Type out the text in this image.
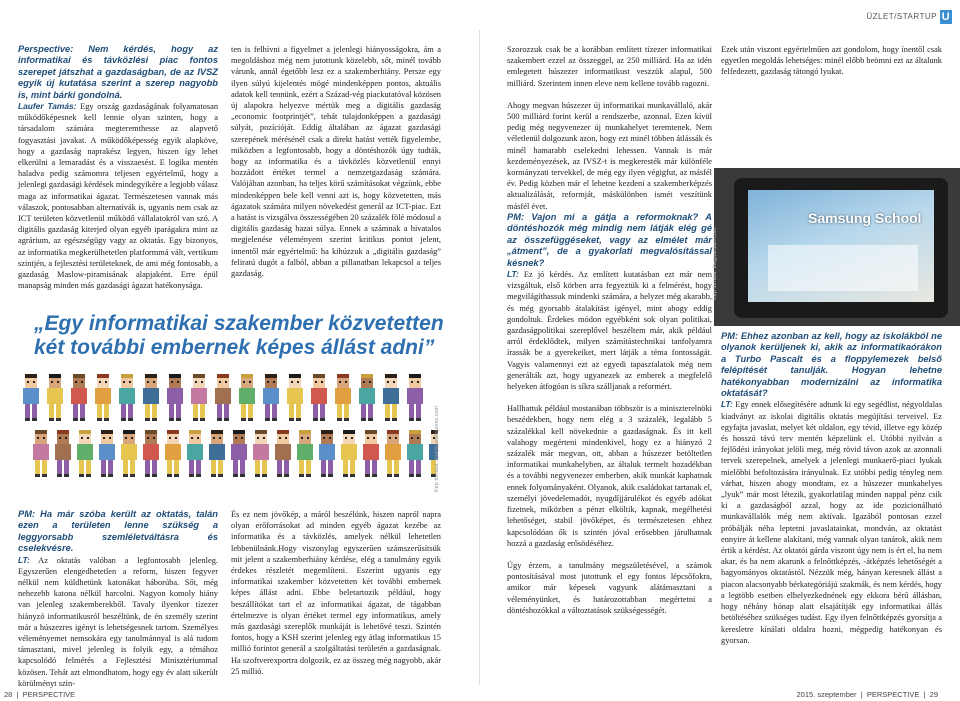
ÜZLET/STARTUP U

Perspective: Nem kérdés, hogy az informatikai és távközlési piac fontos szerepet játszhat a gazdaságban, de az IVSZ egyik új kutatása szerint a szerep nagyobb is, mint bárki gondolná.

Laufer Tamás: Egy ország gazdaságának folyamatosan működőképesnek kell lennie olyan szinten, hogy a társadalom számára megteremthesse az alapvető fogyasztási javakat. A működőképesség egyik alapköve, hogy a gazdaság naprakész legyen, hiszen így lehet elkerülni a lemaradást és a visszaesést. E logika mentén haladva pedig számomra teljesen egyértelmű, hogy a jelenlegi gazdasági kérdések mindegyikére a legjobb válasz maga az informatikai ágazat. Természetesen vannak más válaszok, pontosabban alternatívák is, ugyanis nem csak az ICT területen közvetlenül működő vállalatokról van szó. A digitális gazdaság kiterjed olyan egyéb iparágakra mint az agrárium, az egészségügy vagy az oktatás. Egy bizonyos, az informatika megkerülhetetlen platformmá vált, vertikum szintjén, a fejlesztési területeknek, de ami még fontosabb, a gazdaság Maslow-piramisának alapjaként. Erre épül manapság minden más gazdasági ágazat hatékonysága.

ten is felhívni a figyelmet a jelenlegi hiányosságokra, ám a megoldáshoz még nem jutottunk közelebb, sőt, minél tovább várunk, annál égetőbb lesz ez a szakemberhiány. Persze egy ilyen súlyú kijelentés mögé mindenképpen pontos, aktuális adatok kell tennünk, ezért a Század-vég piackutatóval közösen új alapokra helyezve mértük meg a digitális gazdaság „economic footprintjét”, tehát tulajdonképpen a gazdasági súlyát, pozícióját. Eddig általában az ágazat gazdasági szerepének mérésénél csak a direkt hatást vették figyelembe, miközben a legfontosabb, hogy a döntéshozók úgy tudták, hogy az informatika és a távközlés közvetlenül ennyi hozzádott értéket termel a nemzetgazdaság számára. Valójában azonban, ha teljes körű számításokat végzünk, ebbe mindenképpen bele kell venni azt is, hogy közvetetten, más ágazatok számára milyen növekedést generál az ICT-piac. Ezt a hatást is vizsgálva összességében 20 százalék fölé módosul a digitális gazdaság hazai súlya. Ennek a számnak a hivatalos megjelenése véleményem szerint kritikus pontot jelent, innentől már egyértelmű: ha kihúzzuk a „digitális gazdaság” feliratú dugót a falból, abban a pillanatban lekapcsol a teljes gazdaság.

„Egy informatikai szakember közvetetten két további embernek képes állást adni”
Kép forrása: spagty.wordpress.com

PM: Ha már szóba került az oktatás, talán ezen a területen lenne szükség a leggyorsabb szemléletváltásra és cselekvésre.

LT: Az oktatás valóban a legfontosabb jelenleg. Egyszerűen elengedhetetlen a reform, hiszen fegyver nélkül nem küldhetünk katonákat háborúba. Sőt, még nehezebb katona nélkül harcolni. Nagyon komoly hiány van jelenleg szakemberekből. Tavaly ilyenkor tízezer hiányzó informatikusról beszéltünk, de én személy szerint már a húszezres igényt is lehetségesnek tartom. Személyes véleményemet nemsokára egy tanulmánnyal is alá tudom támasztani, mivel jelenleg is folyik egy, a témához kapcsolódó felmérés a Fejlesztési Minisztériummal közösen. Tehát azt elmondhatom, hogy egy év alatt sikerült körülményt szin-

És ez nem jövőkép, a máról beszélünk, hiszen napról napra olyan erőforrásokat ad minden egyéb ágazat kezébe az informatika és a távközlés, amelyek nélkül lehetetlen lebbenülnánk.Hogy viszonylag egyszerűen számszerűsítsük mit jelent a szakemberhiány kérdése, elég a tanulmány egyik érdekes részletét megemlíteni. Eszerint ugyanis egy informatikai szakember közvetetten két további embernek képes állást adni. Ebbe beletartozik például, hogy beszállítókat tart el az informatikai ágazat, de tágabban értelmezve is olyan értéket termel egy informatikus, amely más gazdasági szereplők munkáját is lehetővé teszi. Szintén fontos, hogy a KSH szerint jelenleg egy átlag informatikus 15 millió forintot generál a szolgáltatási területén a gazdaságnak. Ha szoftverexportra dolgozik, ez az összeg még nagyobb, akár 25 millió.

Szorozzuk csak be a korábban említett tízezer informatikai szakembert ezzel az összeggel, az 250 milliárd. Ha az idén emlegetett húszezer informatikust veszzük alapul, 500 milliárd. Szerintem innen eleve nem kellene tovább ragozni.

Ahogy megvan húszezer új informatikai munkavállaló, akár 500 milliárd forint kerül a rendszerbe, azonnal. Ezen kívül pedig még negyvenezer új munkahelyet teremtenek. Nem véletlenül dolgozunk azon, hogy ezt minél többen átlássák és minél hamarabb cselekedni lehessen. Vannak is már kezdeményezések, az IVSZ-t is megkeresték már különféle kormányzati tervekkel, de még egy ilyen végigfut, az másfél év. Pedig közben már el lehetne kezdeni a szakemberképzés aktualizálását, reformját, máskülönben ismét veszítünk másfél évet.

PM: Vajon mi a gátja a reformoknak? A döntéshozók még mindig nem látják elég gé az összefüggéseket, vagy az elmélet már „átment”, de a gyakorlati megvalósítással késnek?

LT: Ez jó kérdés. Az említett kutatásban ezt már nem vizsgáltuk, első körben arra fegyeztük ki a felmérést, hogy megvilágíthassuk mindenki számára, a helyzet még akarabb, és még gyorsabb átalakítást igényel, mint ahogy eddig gondoltuk. Érdekes módon egyébként sok olyan politikai, gazdaságpolitikai szereplővel beszéltem már, akik például arról érdeklődtek, milyen számítástechnikai tanfolyamra írassák be a gyerekeiket, mert látják a téma fontosságát. Vagyis valamennyi ezt az egyedi tapasztalatok még nem generálták azt, hogy ugyanezek az emberek a megfelelő helyeken átfogóan is síkra szálljanak a reformért.

Hallhattuk például mostanában többször is a miniszterelnöki beszédekben, hogy nem elég a 3 százalék, legalább 5 százalékkal kell növekednie a gazdaságnak. És itt kell valahogy megérteni mindenkivel, hogy ez a hiányzó 2 százalék már megvan, ott, abban a húszezer betöltetlen informatikai munkahelyben, az általuk termelt hozadékban és a további negyvenezer emberben, akik munkát kaphatnak ennek folyományaként. Olyanok, akik családokat tartanak el, személyi jövedelemadót, nyugdíjjárulékot és egyéb adókat fizetnek, miközben a pénzt elköltik, kapnak, megélhetési lehetőséget, stabil jövőképet, és természetesen ehhez kapcsolódóan ők is szintén jóval erősebben járulhatnak hozzá a gazdaság erősödéséhez.

Úgy érzem, a tanulmány megszületésével, a számok pontosításával most jutottunk el egy fontos lépcsőfokra, amikor már képesek vagyunk alátámasztani a véleményünket, és határozottabban megértetni a döntéshozókkal a változtatások szükségességét.

Ezek után viszont egyértelműen azt gondolom, hogy ínentől csak egyetlen megoldás lehetséges: minél előbb beömni ezt az általunk felfedezett, gazdaság tátongó lyukat.

Samsung School
Kép forrása: theguardian.com

PM: Ehhez azonban az kell, hogy az iskolákból ne olyanok kerüljenek ki, akik az informatikaórákon a Turbo Pascalt és a floppylemezek belső felépítését tanulják. Hogyan lehetne hatékonyabban modernizálni az informatika oktatását?

LT: Egy ennek elősegítésére adtunk ki egy segédlist, négyoldalas kiadványt az iskolai digitális oktatás megújítási terveivel. Ez egyfajta javaslat, melyet két oldalon, egy tévid, illetve egy közép és hosszú távú terv mentén képzelünk el. Utóbbi nyilván a fejlődési irányokat jelöli meg, még rövid távon azok az azonnali tervek szerepelnek, amelyek a jelenlegi munkaerő-piaci lyukak mielőbbi befoltozására irányulnak. Ez utóbbi pedig tényleg nem várhat, hiszen ahogy mondtam, ez a húszezer munkahelyes „lyuk” már most létezik, gyakorlatilag minden nappal pénz csik ki a gazdaságból azzal, hogy az ide pozicionálható munkavállalók még nem aktívak. Igazából pontosan ezzel próbálják néha leptetni javaslatainkat, mondván, az oktatást ennyire át kellene alakítani, még vannak olyan tanárok, akik nem értik a kérdést. Az oktatói gárda viszont úgy nem is ért el, ha nem akar, és ha nem akarunk a felnőttképzés, -átképzés lehetőségét a hagyományos oktatástól. Nézzük még, hányan keresnek állást a piacon alacsonyabb bérkategóriájú szakmák, és nem kérdés, hogy a legtöbb esetben elhelyezkednének egy ekkora bérű állásban, hogy néhány hónap alatt elsajátítják egy informatikai állás betöltéséhez szükséges tudást. Egy ilyen felnőttképzés gyorsítja a keresletre kínálati oldalra hozni, mégpedig hatékonyan és gyorsan.

28  |  PERSPECTIVE	2015. szeptember  |  PERSPECTIVE  |  29
